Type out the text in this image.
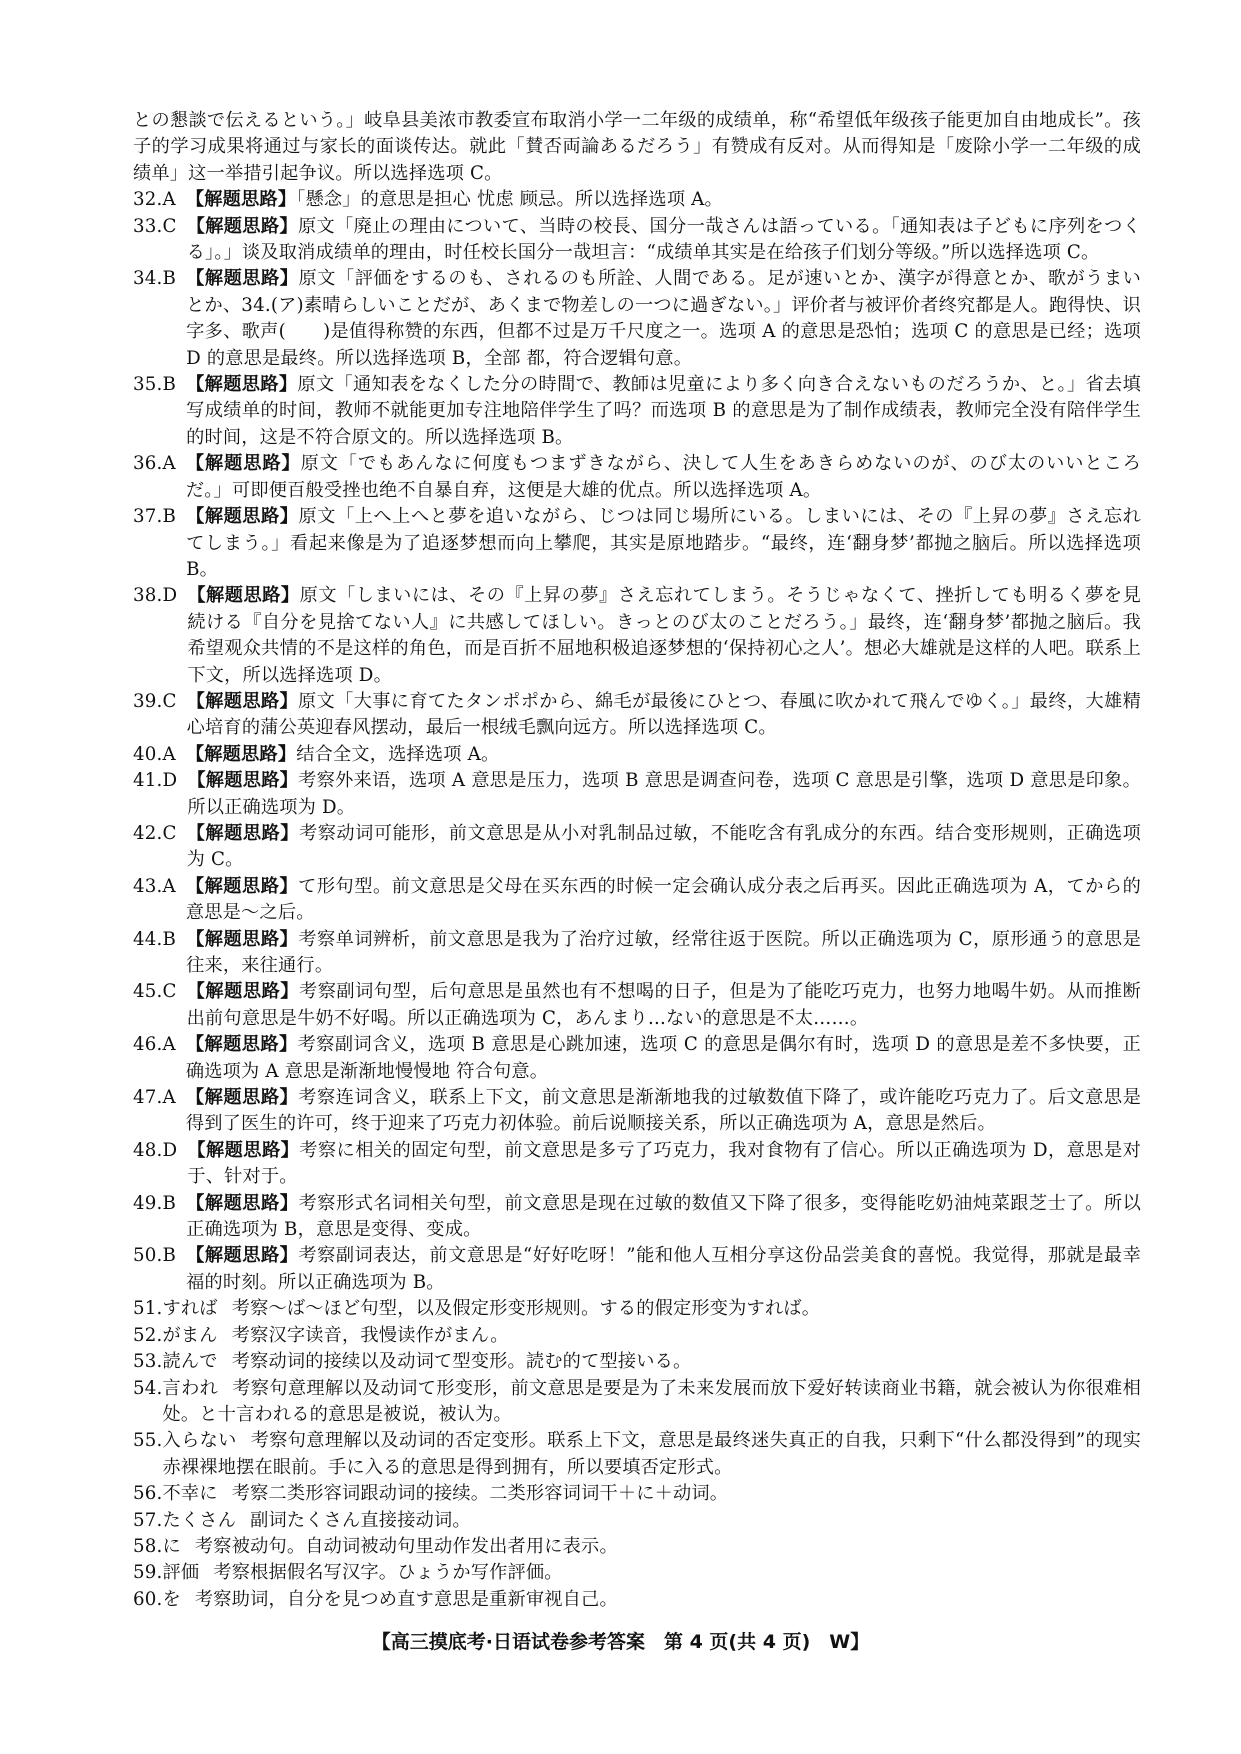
との懇談で伝えるという。」岐阜县美浓市教委宣布取消小学一二年级的成绩单，称“希望低年级孩子能更加自由地成长”。孩子的学习成果将通过与家长的面谈传达。就此「賛否両論あるだろう」有赞成有反对。从而得知是「废除小学一二年级的成绩单」这一举措引起争议。所以选择选项 C。

32. A 【解题思路】「懸念」的意思是担心 忧虑 顾忌。所以选择选项 A。
33. C 【解题思路】原文「廃止の理由について、当時の校長、国分一哉さんは語っている。「通知表は子どもに序列をつくる」。」谈及取消成绩单的理由，时任校长国分一哉坦言：“成绩单其实是在给孩子们划分等级。”所以选择选项 C。
34. B 【解题思路】原文「評価をするのも、されるのも所詮、人間である。足が速いとか、漢字が得意とか、歌がうまいとか、34.(ア)素晴らしいことだが、あくまで物差しの一つに過ぎない。」评价者与被评价者终究都是人。跑得快、识字多、歌声(　　)是值得称赞的东西，但都不过是万千尺度之一。选项 A 的意思是恐怕；选项 C 的意思是已经；选项 D 的意思是最终。所以选择选项 B，全部 都，符合逻辑句意。
35. B 【解题思路】原文「通知表をなくした分の時間で、教師は児童により多く向き合えないものだろうか、と。」省去填写成绩单的时间，教师不就能更加专注地陪伴学生了吗？而选项 B 的意思是为了制作成绩表，教师完全没有陪伴学生的时间，这是不符合原文的。所以选择选项 B。
36. A 【解题思路】原文「でもあんなに何度もつまずきながら、決して人生をあきらめないのが、のび太のいいところだ。」可即便百般受挫也绝不自暴自弃，这便是大雄的优点。所以选择选项 A。
37. B 【解题思路】原文「上へ上へと夢を追いながら、じつは同じ場所にいる。しまいには、その『上昇の夢』さえ忘れてしまう。」看起来像是为了追逐梦想而向上攀爬，其实是原地踏步。“最终，连‘翻身梦’都抛之脑后。所以选择选项 B。
38. D 【解题思路】原文「しまいには、その『上昇の夢』さえ忘れてしまう。そうじゃなくて、挫折しても明るく夢を見続ける『自分を見捨てない人』に共感してほしい。きっとのび太のことだろう。」最终，连‘翻身梦’都抛之脑后。我希望观众共情的不是这样的角色，而是百折不屈地积极追逐梦想的‘保持初心之人’。想必大雄就是这样的人吧。联系上下文，所以选择选项 D。
39. C 【解题思路】原文「大事に育てたタンポポから、綿毛が最後にひとつ、春風に吹かれて飛んでゆく。」最终，大雄精心培育的蒲公英迎春风摆动，最后一根绒毛飘向远方。所以选择选项 C。
40. A 【解题思路】结合全文，选择选项 A。
41. D 【解题思路】考察外来语，选项 A 意思是压力，选项 B 意思是调查问卷，选项 C 意思是引擎，选项 D 意思是印象。所以正确选项为 D。
42. C 【解题思路】考察动词可能形，前文意思是从小对乳制品过敏，不能吃含有乳成分的东西。结合变形规则，正确选项为 C。
43. A 【解题思路】て形句型。前文意思是父母在买东西的时候一定会确认成分表之后再买。因此正确选项为 A，てから的意思是～之后。
44. B 【解题思路】考察单词辨析，前文意思是我为了治疗过敏，经常往返于医院。所以正确选项为 C，原形通う的意思是往来，来往通行。
45. C 【解题思路】考察副词句型，后句意思是虽然也有不想喝的日子，但是为了能吃巧克力，也努力地喝牛奶。从而推断出前句意思是牛奶不好喝。所以正确选项为 C，あんまり...ない的意思是不太……。
46. A 【解题思路】考察副词含义，选项 B 意思是心跳加速，选项 C 的意思是偶尔有时，选项 D 的意思是差不多快要，正确选项为 A 意思是渐渐地慢慢地 符合句意。
47. A 【解题思路】考察连词含义，联系上下文，前文意思是渐渐地我的过敏数值下降了，或许能吃巧克力了。后文意思是得到了医生的许可，终于迎来了巧克力初体验。前后说顺接关系，所以正确选项为 A，意思是然后。
48. D 【解题思路】考察に相关的固定句型，前文意思是多亏了巧克力，我对食物有了信心。所以正确选项为 D，意思是对于、针对于。
49. B 【解题思路】考察形式名词相关句型，前文意思是现在过敏的数值又下降了很多，变得能吃奶油炖菜跟芝士了。所以正确选项为 B，意思是变得、变成。
50. B 【解题思路】考察副词表达，前文意思是“好好吃呀！”能和他人互相分享这份品尝美食的喜悦。我觉得，那就是最幸福的时刻。所以正确选项为 B。
51. すれば 考察～ば～ほど句型，以及假定形变形规则。する的假定形变为すれば。
52. がまん 考察汉字读音，我慢读作がまん。
53. 読んで 考察动词的接续以及动词て型变形。読む的て型接いる。
54. 言われ 考察句意理解以及动词て形变形，前文意思是要是为了未来发展而放下爱好转读商业书籍，就会被认为你很难相处。と十言われる的意思是被说，被认为。
55. 入らない 考察句意理解以及动词的否定变形。联系上下文，意思是最终迷失真正的自我，只剩下“什么都没得到”的现实赤裸裸地摆在眼前。手に入る的意思是得到拥有，所以要填否定形式。
56. 不幸に 考察二类形容词跟动词的接续。二类形容词词干＋に＋动词。
57. たくさん 副词たくさん直接接动词。
58. に 考察被动句。自动词被动句里动作发出者用に表示。
59. 評価 考察根据假名写汉字。ひょうか写作評価。
60. を 考察助词，自分を見つめ直す意思是重新审视自己。
【高三摸底考·日语试卷参考答案　第 4 页(共 4 页)　W】
